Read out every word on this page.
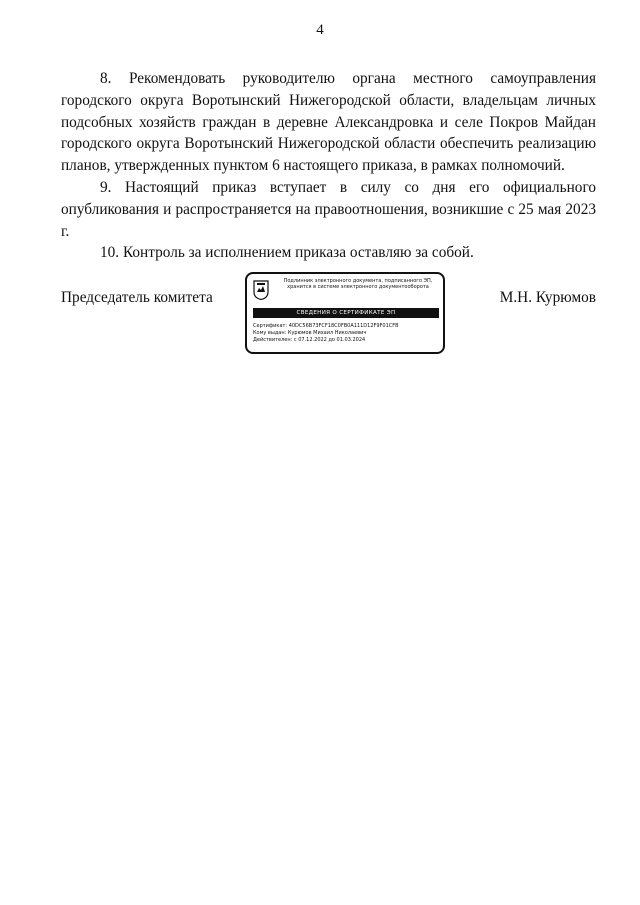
4

8. Рекомендовать руководителю органа местного самоуправления городского округа Воротынский Нижегородской области, владельцам личных подсобных хозяйств граждан в деревне Александровка и селе Покров Майдан городского округа Воротынский Нижегородской области обеспечить реализацию планов, утвержденных пунктом 6 настоящего приказа, в рамках полномочий.

9. Настоящий приказ вступает в силу со дня его официального опубликования и распространяется на правоотношения, возникшие с 25 мая 2023 г.

10. Контроль за исполнением приказа оставляю за собой.

Председатель комитета
Подлинник электронного документа, подписанного ЭП, хранится в системе электронного документооборота
СВЕДЕНИЯ О СЕРТИФИКАТЕ ЭП
Сертификат: 40DC56B73FCF18C0FB0A111D12F9F01CFB
Кому выдан: Курюмов Михаил Николаевич
Действителен: с 07.12.2022 до 01.03.2024
М.Н. Курюмов
